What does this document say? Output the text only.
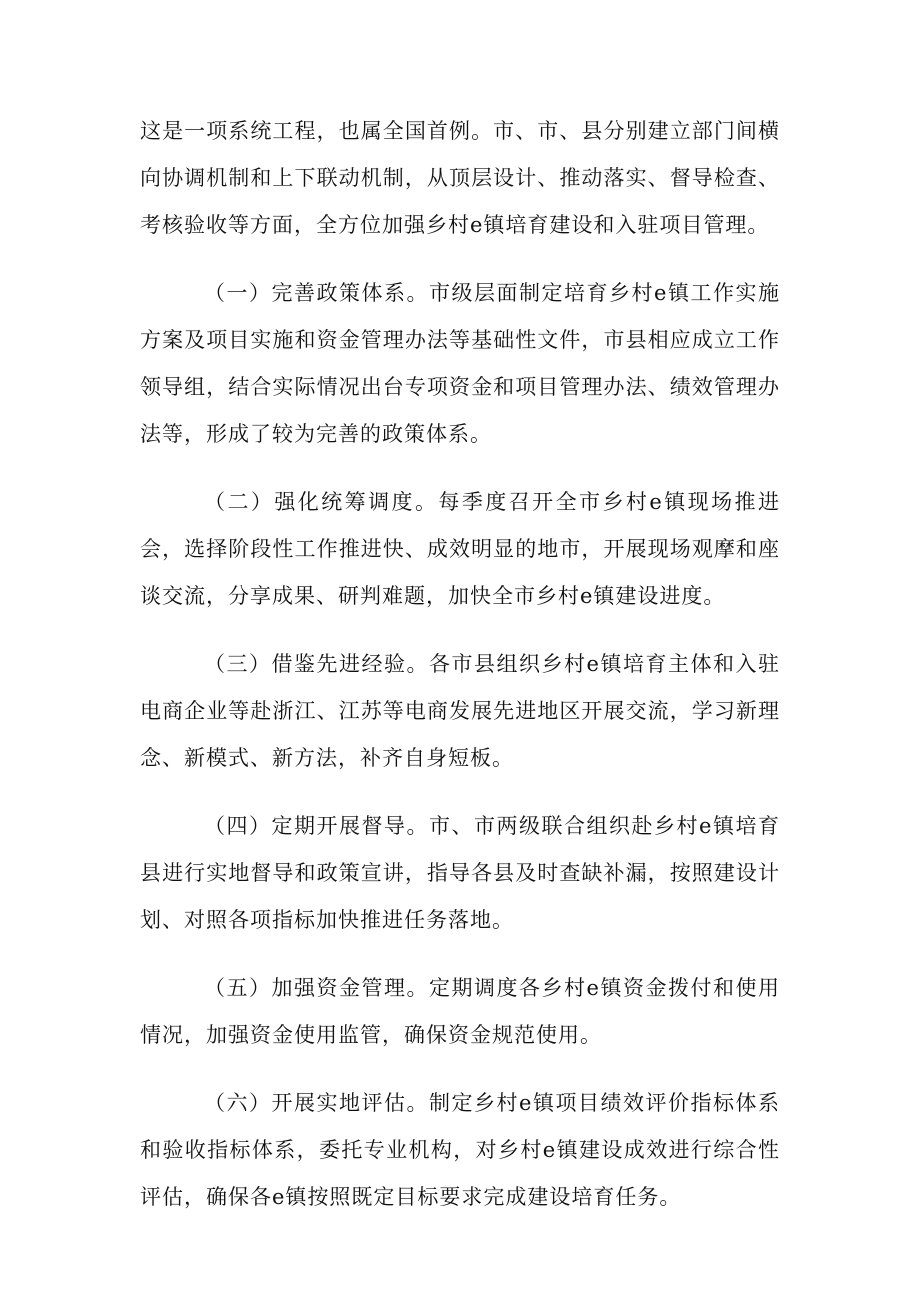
这是一项系统工程，也属全国首例。市、市、县分别建立部门间横向协调机制和上下联动机制，从顶层设计、推动落实、督导检查、考核验收等方面，全方位加强乡村e镇培育建设和入驻项目管理。

（一）完善政策体系。市级层面制定培育乡村e镇工作实施方案及项目实施和资金管理办法等基础性文件，市县相应成立工作领导组，结合实际情况出台专项资金和项目管理办法、绩效管理办法等，形成了较为完善的政策体系。

（二）强化统筹调度。每季度召开全市乡村e镇现场推进会，选择阶段性工作推进快、成效明显的地市，开展现场观摩和座谈交流，分享成果、研判难题，加快全市乡村e镇建设进度。

（三）借鉴先进经验。各市县组织乡村e镇培育主体和入驻电商企业等赴浙江、江苏等电商发展先进地区开展交流，学习新理念、新模式、新方法，补齐自身短板。

（四）定期开展督导。市、市两级联合组织赴乡村e镇培育县进行实地督导和政策宣讲，指导各县及时查缺补漏，按照建设计划、对照各项指标加快推进任务落地。

（五）加强资金管理。定期调度各乡村e镇资金拨付和使用情况，加强资金使用监管，确保资金规范使用。

（六）开展实地评估。制定乡村e镇项目绩效评价指标体系和验收指标体系，委托专业机构，对乡村e镇建设成效进行综合性评估，确保各e镇按照既定目标要求完成建设培育任务。
